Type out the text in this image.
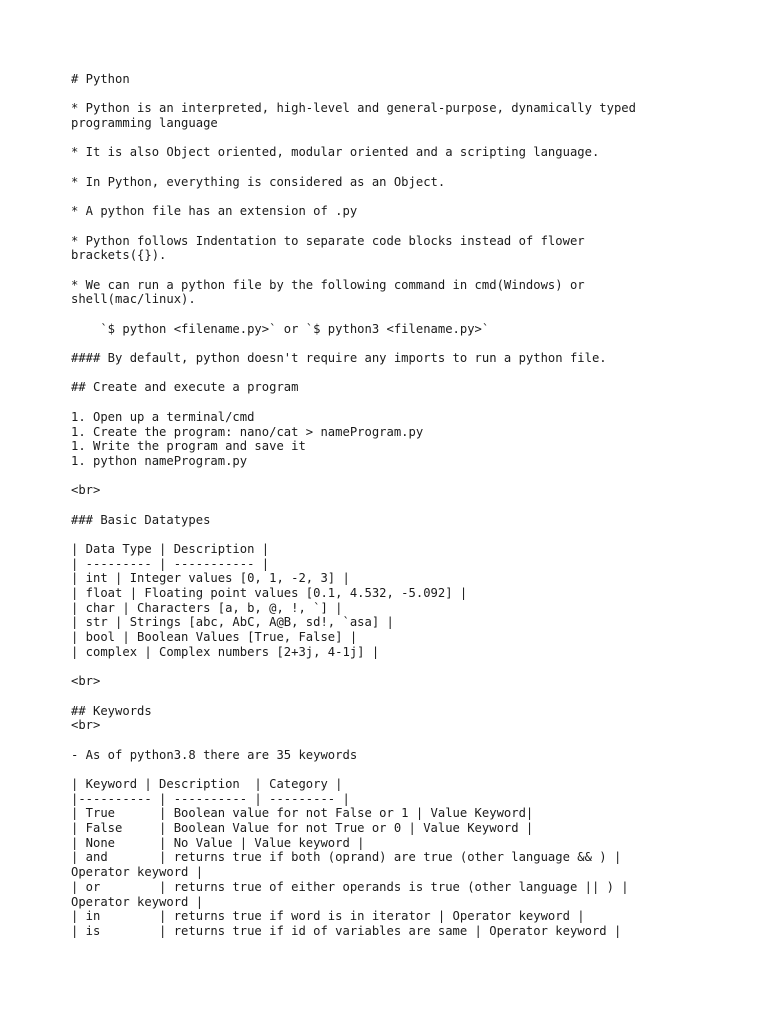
# Python
* Python is an interpreted, high-level and general-purpose, dynamically typed
programming language
* It is also Object oriented, modular oriented and a scripting language.
* In Python, everything is considered as an Object.
* A python file has an extension of .py
* Python follows Indentation to separate code blocks instead of flower
brackets({}).
* We can run a python file by the following command in cmd(Windows) or
shell(mac/linux).
`$ python <filename.py>` or `$ python3 <filename.py>`
#### By default, python doesn't require any imports to run a python file.
## Create and execute a program
1. Open up a terminal/cmd
1. Create the program: nano/cat > nameProgram.py
1. Write the program and save it
1. python nameProgram.py
<br>
### Basic Datatypes
| Data Type | Description |
| --------- | ----------- |
| int | Integer values [0, 1, -2, 3] |
| float | Floating point values [0.1, 4.532, -5.092] |
| char | Characters [a, b, @, !, `] |
| str | Strings [abc, AbC, A@B, sd!, `asa] |
| bool | Boolean Values [True, False] |
| complex | Complex numbers [2+3j, 4-1j] |
<br>
## Keywords
<br>
- As of python3.8 there are 35 keywords
| Keyword | Description  | Category |
|---------- | ---------- | --------- |
| True      | Boolean value for not False or 1 | Value Keyword|
| False     | Boolean Value for not True or 0 | Value Keyword |
| None      | No Value | Value keyword |
| and       | returns true if both (oprand) are true (other language && ) |
Operator keyword |
| or        | returns true of either operands is true (other language || ) |
Operator keyword |
| in        | returns true if word is in iterator | Operator keyword |
| is        | returns true if id of variables are same | Operator keyword |
